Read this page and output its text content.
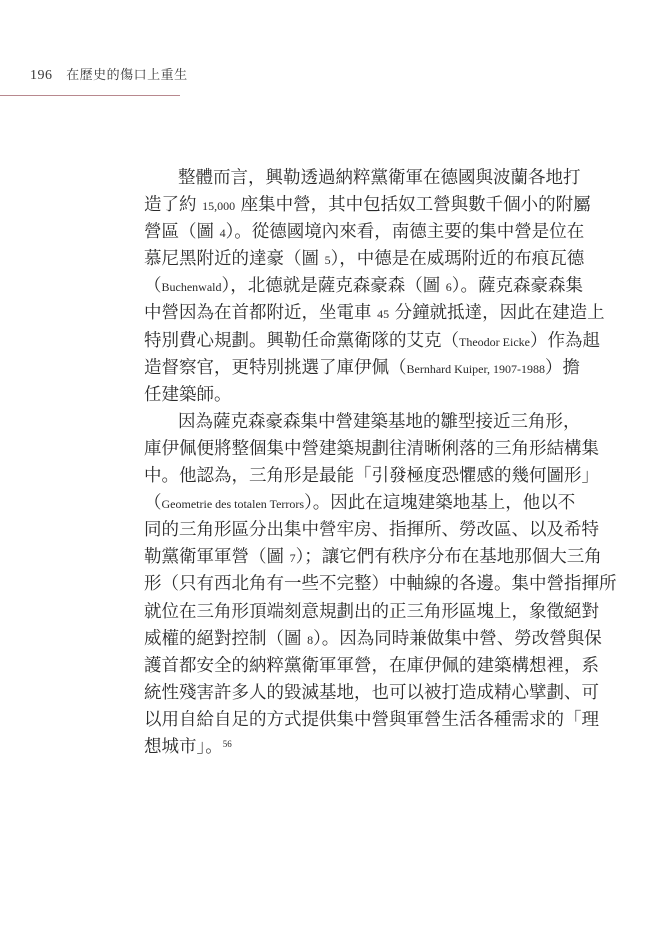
196 在歷史的傷口上重生
整體而言，興勒透過納粹黨衛軍在德國與波蘭各地打
造了約 15,000 座集中營，其中包括奴工營與數千個小的附屬
營區（圖 4）。從德國境內來看，南德主要的集中營是位在
慕尼黑附近的達豪（圖 5），中德是在威瑪附近的布痕瓦德
（Buchenwald），北德就是薩克森豪森（圖 6）。薩克森豪森集
中營因為在首都附近，坐電車 45 分鐘就抵達，因此在建造上
特別費心規劃。興勒任命黨衛隊的艾克（Theodor Eicke）作為趄
造督察官，更特別挑選了庫伊佩（Bernhard Kuiper, 1907-1988）擔
任建築師。
因為薩克森豪森集中營建築基地的雛型接近三角形，
庫伊佩便將整個集中營建築規劃往清晰俐落的三角形結構集
中。他認為，三角形是最能「引發極度恐懼感的幾何圖形」
（Geometrie des totalen Terrors）。因此在這塊建築地基上，他以不
同的三角形區分出集中營牢房、指揮所、勞改區、以及希特
勒黨衛軍軍營（圖 7）；讓它們有秩序分布在基地那個大三角
形（只有西北角有一些不完整）中軸線的各邊。集中營指揮所
就位在三角形頂端刻意規劃出的正三角形區塊上，象徵絕對
威權的絕對控制（圖 8）。因為同時兼做集中營、勞改營與保
護首都安全的納粹黨衛軍軍營，在庫伊佩的建築構想裡，系
統性殘害許多人的毀滅基地，也可以被打造成精心擘劃、可
以用自給自足的方式提供集中營與軍營生活各種需求的「理
想城市」。$^{56}$
